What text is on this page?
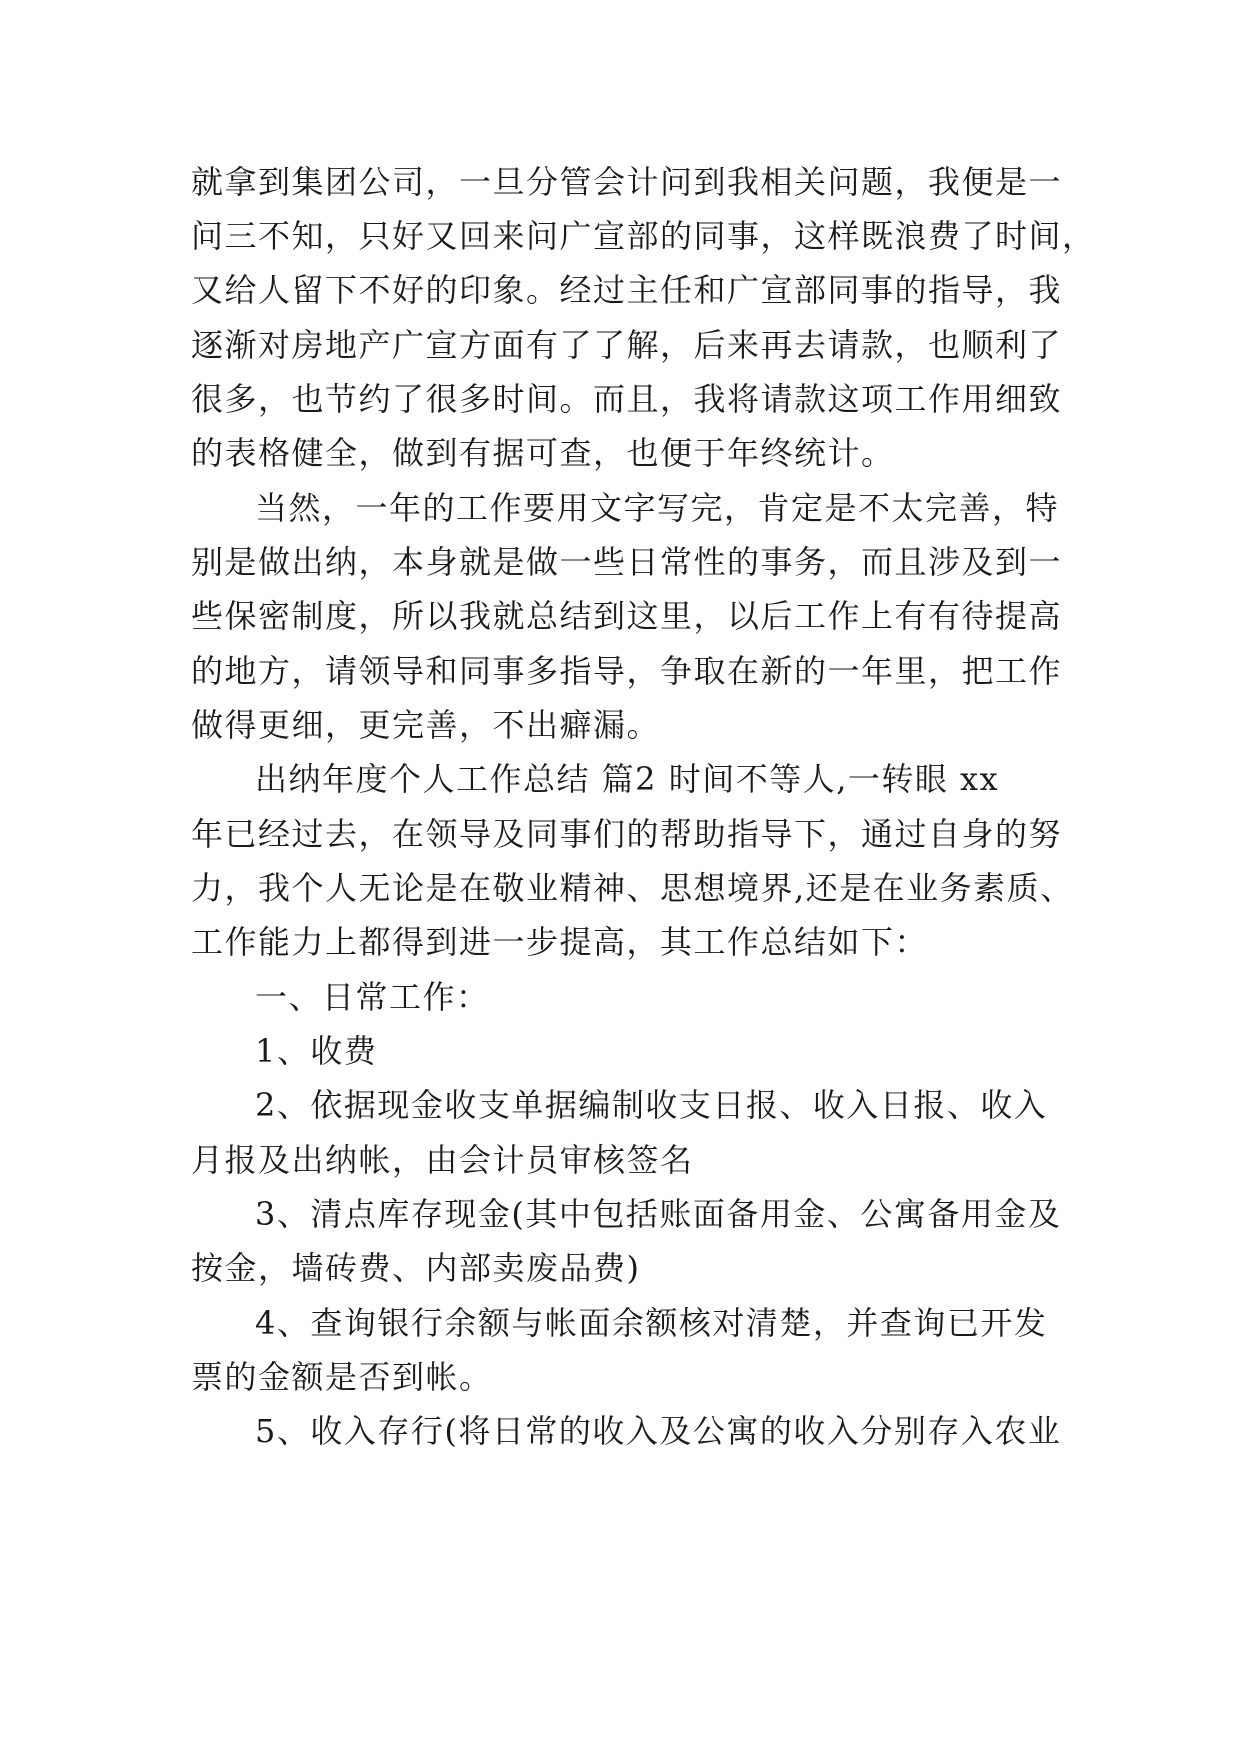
就拿到集团公司，一旦分管会计问到我相关问题，我便是一
问三不知，只好又回来问广宣部的同事，这样既浪费了时间，
又给人留下不好的印象。经过主任和广宣部同事的指导，我
逐渐对房地产广宣方面有了了解，后来再去请款，也顺利了
很多，也节约了很多时间。而且，我将请款这项工作用细致
的表格健全，做到有据可查，也便于年终统计。
当然，一年的工作要用文字写完，肯定是不太完善，特
别是做出纳，本身就是做一些日常性的事务，而且涉及到一
些保密制度，所以我就总结到这里，以后工作上有有待提高
的地方，请领导和同事多指导，争取在新的一年里，把工作
做得更细，更完善，不出癖漏。
出纳年度个人工作总结 篇2 时间不等人,一转眼 xx
年已经过去，在领导及同事们的帮助指导下，通过自身的努
力，我个人无论是在敬业精神、思想境界,还是在业务素质、
工作能力上都得到进一步提高，其工作总结如下：
一、日常工作：
1、收费
2、依据现金收支单据编制收支日报、收入日报、收入
月报及出纳帐，由会计员审核签名
3、清点库存现金(其中包括账面备用金、公寓备用金及
按金，墙砖费、内部卖废品费)
4、查询银行余额与帐面余额核对清楚，并查询已开发
票的金额是否到帐。
5、收入存行(将日常的收入及公寓的收入分别存入农业
